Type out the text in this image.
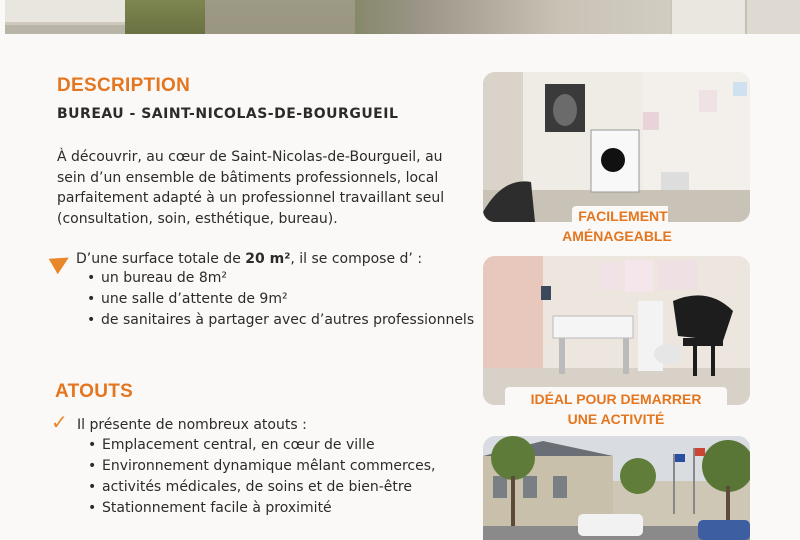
DESCRIPTION
BUREAU - SAINT-NICOLAS-DE-BOURGUEIL

À découvrir, au cœur de Saint-Nicolas-de-Bourgueil, au sein d’un ensemble de bâtiments professionnels, local parfaitement adapté à un professionnel travaillant seul (consultation, soin, esthétique, bureau).

D’une surface totale de 20 m², il se compose d’ :
• un bureau de 8m²
• une salle d’attente de 9m²
• de sanitaires à partager avec d’autres professionnels
ATOUTS
✓ Il présente de nombreux atouts :
• Emplacement central, en cœur de ville
• Environnement dynamique mêlant commerces,
• activités médicales, de soins et de bien-être
• Stationnement facile à proximité
FACILEMENT AMÉNAGEABLE
IDÉAL POUR DEMARRER
UNE ACTIVITÉ
